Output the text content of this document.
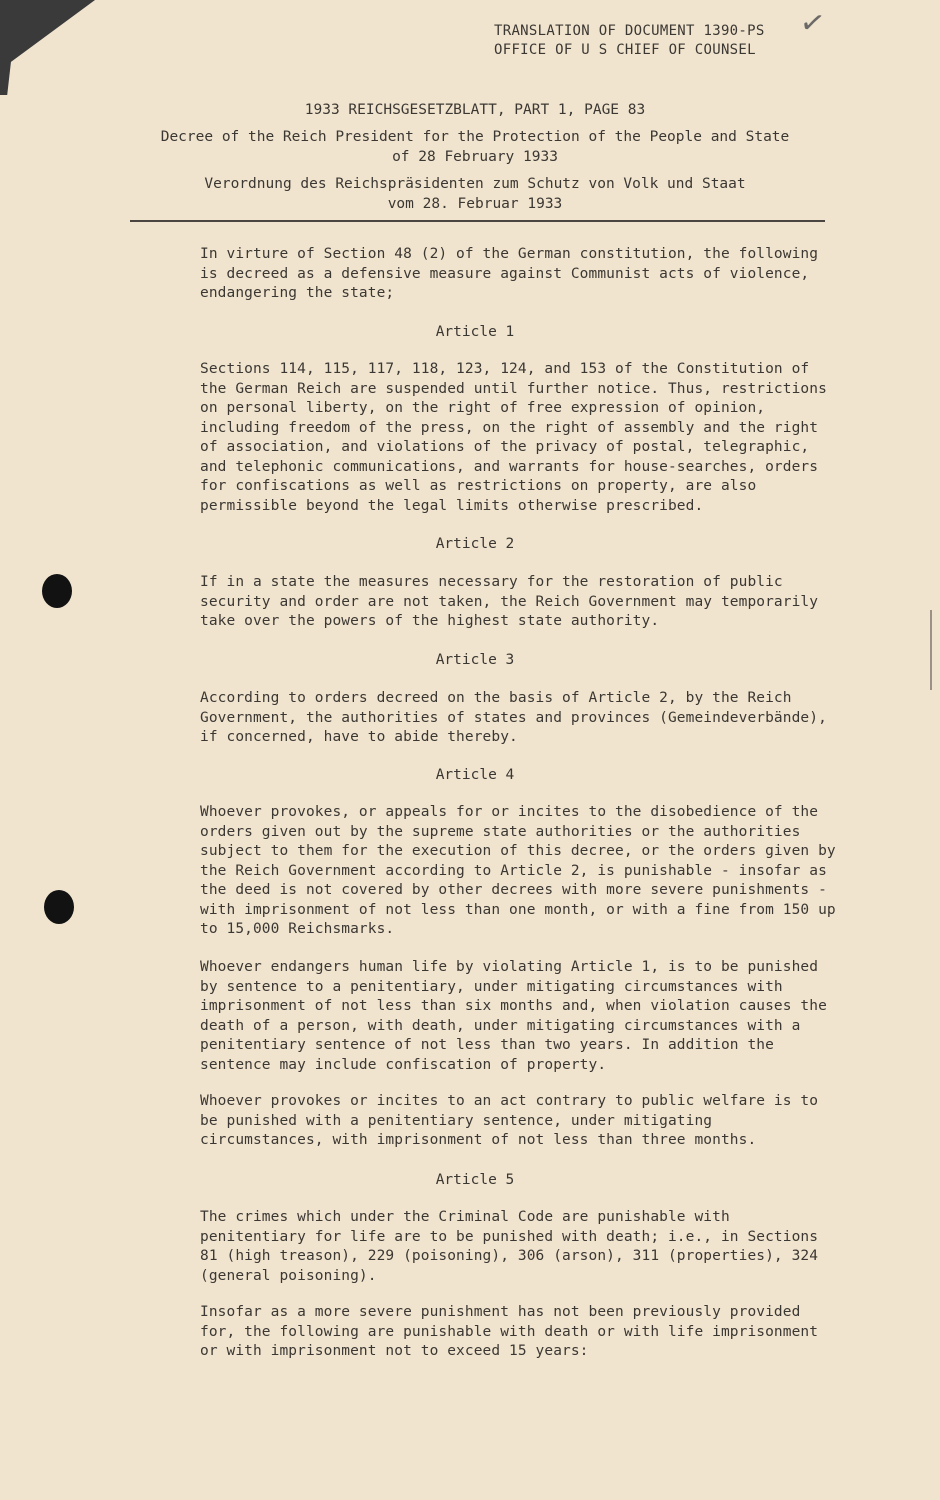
✓
TRANSLATION OF DOCUMENT 1390-PS
OFFICE OF U S CHIEF OF COUNSEL
1933 REICHSGESETZBLATT, PART 1, PAGE 83
Decree of the Reich President for the Protection of the People and State
of 28 February 1933
Verordnung des Reichspräsidenten zum Schutz von Volk und Staat
vom 28. Februar 1933
In virture of Section 48 (2) of the German constitution, the following is decreed as a defensive measure against Communist acts of violence, endangering the state;
Article 1
Sections 114, 115, 117, 118, 123, 124, and 153 of the Constitution of the German Reich are suspended until further notice. Thus, restrictions on personal liberty, on the right of free expression of opinion, including freedom of the press, on the right of assembly and the right of association, and violations of the privacy of postal, telegraphic, and telephonic communications, and warrants for house-searches, orders for confiscations as well as restrictions on property, are also permissible beyond the legal limits otherwise prescribed.
Article 2
If in a state the measures necessary for the restoration of public security and order are not taken, the Reich Government may temporarily take over the powers of the highest state authority.
Article 3
According to orders decreed on the basis of Article 2, by the Reich Government, the authorities of states and provinces (Gemeindeverbände), if concerned, have to abide thereby.
Article 4
Whoever provokes, or appeals for or incites to the disobedience of the orders given out by the supreme state authorities or the authorities subject to them for the execution of this decree, or the orders given by the Reich Government according to Article 2, is punishable - insofar as the deed is not covered by other decrees with more severe punishments - with imprisonment of not less than one month, or with a fine from 150 up to 15,000 Reichsmarks.
Whoever endangers human life by violating Article 1, is to be punished by sentence to a penitentiary, under mitigating circumstances with imprisonment of not less than six months and, when violation causes the death of a person, with death, under mitigating circumstances with a penitentiary sentence of not less than two years. In addition the sentence may include confiscation of property.
Whoever provokes or incites to an act contrary to public welfare is to be punished with a penitentiary sentence, under mitigating circumstances, with imprisonment of not less than three months.
Article 5
The crimes which under the Criminal Code are punishable with penitentiary for life are to be punished with death; i.e., in Sections 81 (high treason), 229 (poisoning), 306 (arson), 311 (properties), 324 (general poisoning).
Insofar as a more severe punishment has not been previously provided for, the following are punishable with death or with life imprisonment or with imprisonment not to exceed 15 years:
